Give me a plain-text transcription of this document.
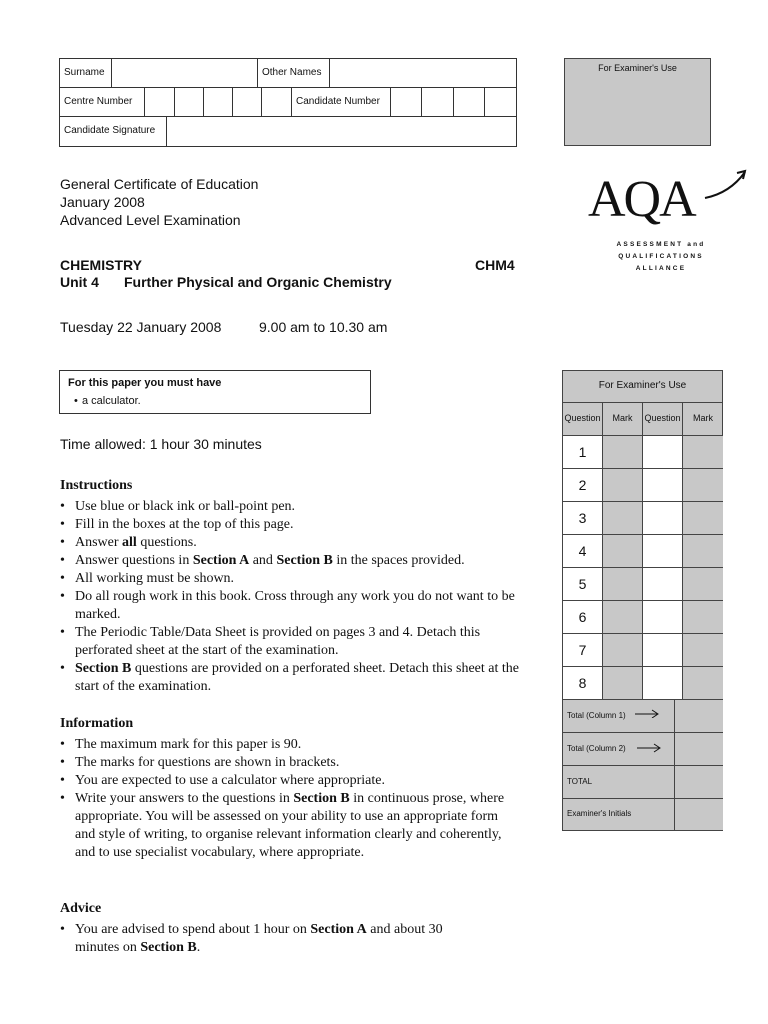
Surname	Other Names
Centre Number	Candidate Number
Candidate Signature
For Examiner's Use
General Certificate of Education
January 2008
Advanced Level Examination	AQA
ASSESSMENT and
QUALIFICATIONS
ALLIANCE
CHEMISTRY	CHM4
Unit 4 Further Physical and Organic Chemistry
Tuesday 22 January 2008	9.00 am to 10.30 am
For this paper you must have
• a calculator.
Time allowed: 1 hour 30 minutes
Instructions
• Use blue or black ink or ball-point pen.
• Fill in the boxes at the top of this page.
• Answer all questions.
• Answer questions in Section A and Section B in the spaces provided.
• All working must be shown.
• Do all rough work in this book. Cross through any work you do not want to be marked.
• The Periodic Table/Data Sheet is provided on pages 3 and 4. Detach this perforated sheet at the start of the examination.
• Section B questions are provided on a perforated sheet. Detach this sheet at the start of the examination.
Information
• The maximum mark for this paper is 90.
• The marks for questions are shown in brackets.
• You are expected to use a calculator where appropriate.
• Write your answers to the questions in Section B in continuous prose, where appropriate. You will be assessed on your ability to use an appropriate form and style of writing, to organise relevant information clearly and coherently, and to use specialist vocabulary, where appropriate.
Advice
• You are advised to spend about 1 hour on Section A and about 30 minutes on Section B.
For Examiner's Use
Question	Mark	Question	Mark
1
2
3
4
5
6
7
8
Total (Column 1)
Total (Column 2)
TOTAL
Examiner's Initials
